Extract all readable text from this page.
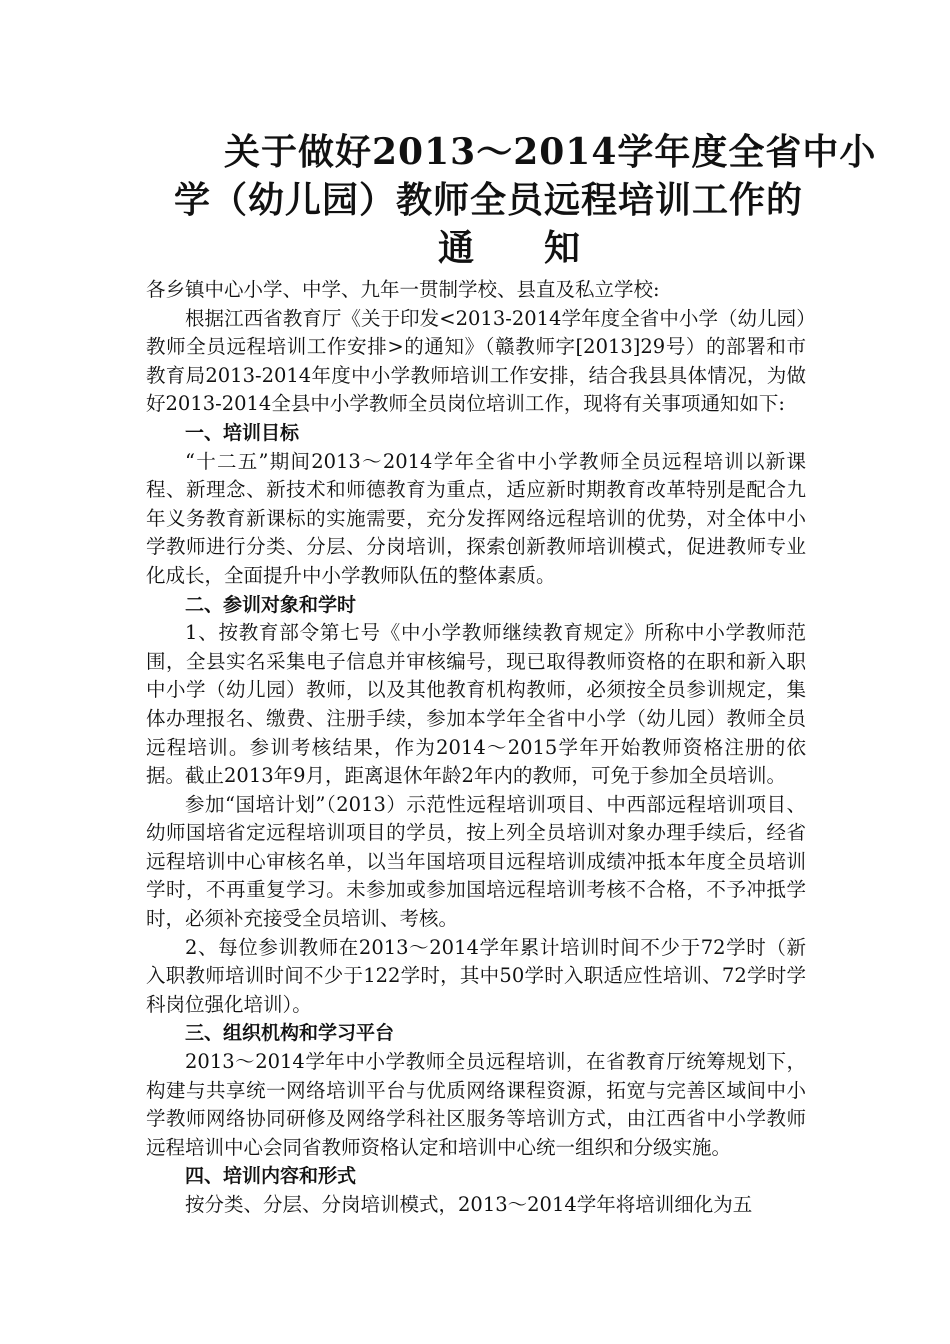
关于做好2013～2014学年度全省中小
学（幼儿园）教师全员远程培训工作的
通 知

各乡镇中心小学、中学、九年一贯制学校、县直及私立学校:

根据江西省教育厅《关于印发<2013-2014学年度全省中小学（幼儿园）教师全员远程培训工作安排>的通知》（赣教师字[2013]29号）的部署和市教育局2013-2014年度中小学教师培训工作安排，结合我县具体情况，为做好2013-2014全县中小学教师全员岗位培训工作，现将有关事项通知如下:

一、培训目标

“十二五”期间2013～2014学年全省中小学教师全员远程培训以新课程、新理念、新技术和师德教育为重点，适应新时期教育改革特别是配合九年义务教育新课标的实施需要，充分发挥网络远程培训的优势，对全体中小学教师进行分类、分层、分岗培训，探索创新教师培训模式，促进教师专业化成长，全面提升中小学教师队伍的整体素质。

二、参训对象和学时

1、按教育部令第七号《中小学教师继续教育规定》所称中小学教师范围，全县实名采集电子信息并审核编号，现已取得教师资格的在职和新入职中小学（幼儿园）教师，以及其他教育机构教师，必须按全员参训规定，集体办理报名、缴费、注册手续，参加本学年全省中小学（幼儿园）教师全员远程培训。参训考核结果，作为2014～2015学年开始教师资格注册的依据。截止2013年9月，距离退休年龄2年内的教师，可免于参加全员培训。

参加“国培计划”（2013）示范性远程培训项目、中西部远程培训项目、幼师国培省定远程培训项目的学员，按上列全员培训对象办理手续后，经省远程培训中心审核名单，以当年国培项目远程培训成绩冲抵本年度全员培训学时，不再重复学习。未参加或参加国培远程培训考核不合格，不予冲抵学时，必须补充接受全员培训、考核。

2、每位参训教师在2013～2014学年累计培训时间不少于72学时（新入职教师培训时间不少于122学时，其中50学时入职适应性培训、72学时学科岗位强化培训）。

三、组织机构和学习平台

2013～2014学年中小学教师全员远程培训，在省教育厅统筹规划下，构建与共享统一网络培训平台与优质网络课程资源，拓宽与完善区域间中小学教师网络协同研修及网络学科社区服务等培训方式，由江西省中小学教师远程培训中心会同省教师资格认定和培训中心统一组织和分级实施。

四、培训内容和形式

按分类、分层、分岗培训模式，2013～2014学年将培训细化为五
